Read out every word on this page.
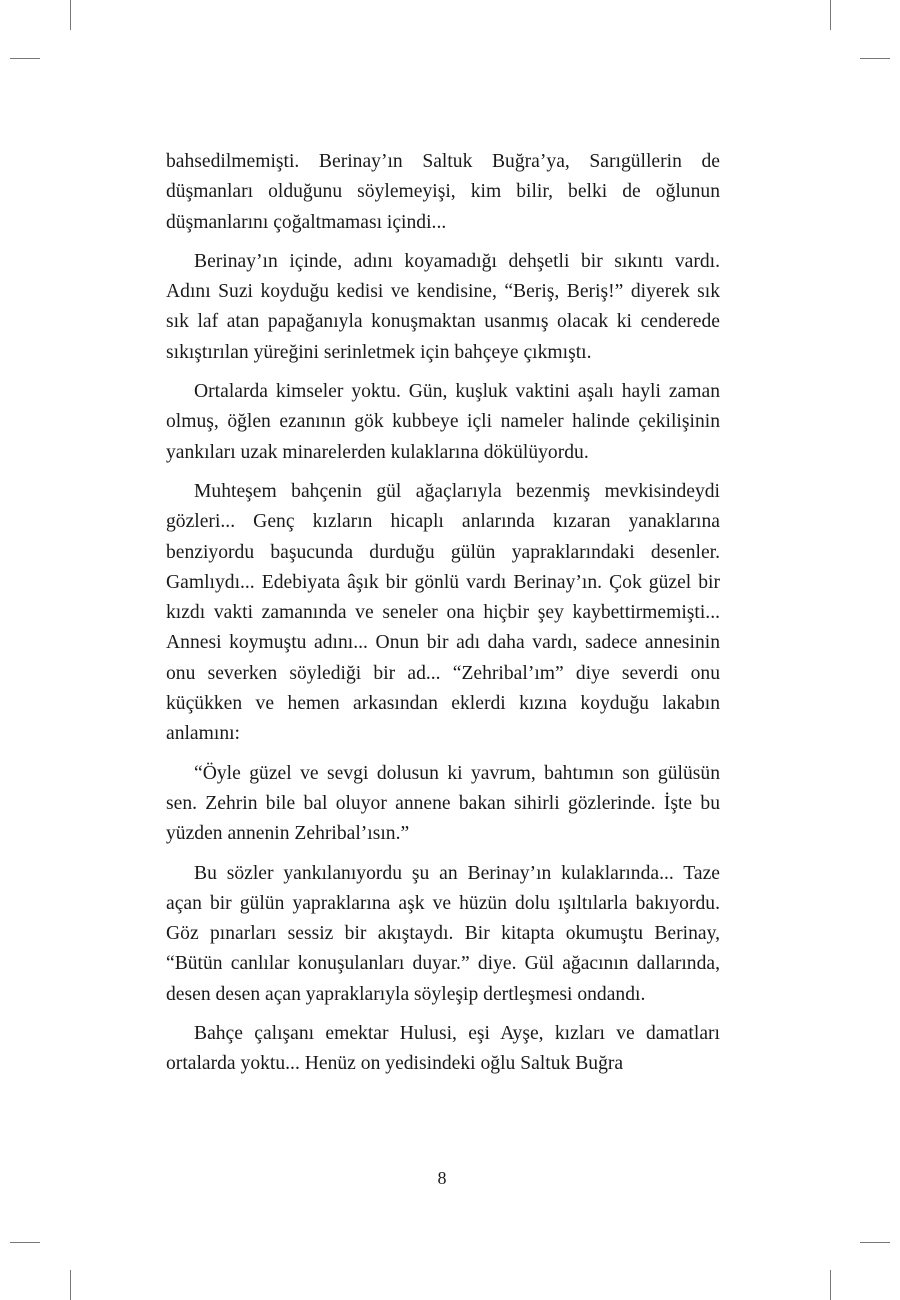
bahsedilmemişti. Berinay’ın Saltuk Buğra’ya, Sarıgüllerin de düşmanları olduğunu söylemeyişi, kim bilir, belki de oğlunun düşmanlarını çoğaltmaması içindi...

Berinay’ın içinde, adını koyamadığı dehşetli bir sıkıntı vardı. Adını Suzi koyduğu kedisi ve kendisine, “Beriş, Beriş!” diyerek sık sık laf atan papağanıyla konuşmaktan usanmış olacak ki cenderede sıkıştırılan yüreğini serinletmek için bahçeye çıkmıştı.

Ortalarda kimseler yoktu. Gün, kuşluk vaktini aşalı hayli zaman olmuş, öğlen ezanının gök kubbeye içli nameler halinde çekilişinin yankıları uzak minarelerden kulaklarına dökülüyordu.

Muhteşem bahçenin gül ağaçlarıyla bezenmiş mevkisindeydi gözleri... Genç kızların hicaplı anlarında kızaran yanaklarına benziyordu başucunda durduğu gülün yapraklarındaki desenler. Gamlıydı... Edebiyata âşık bir gönlü vardı Berinay’ın. Çok güzel bir kızdı vakti zamanında ve seneler ona hiçbir şey kaybettirmemişti... Annesi koymuştu adını... Onun bir adı daha vardı, sadece annesinin onu severken söylediği bir ad... “Zehribal’ım” diye severdi onu küçükken ve hemen arkasından eklerdi kızına koyduğu lakabın anlamını:

“Öyle güzel ve sevgi dolusun ki yavrum, bahtımın son gülüsün sen. Zehrin bile bal oluyor annene bakan sihirli gözlerinde. İşte bu yüzden annenin Zehribal’ısın.”

Bu sözler yankılanıyordu şu an Berinay’ın kulaklarında... Taze açan bir gülün yapraklarına aşk ve hüzün dolu ışıltılarla bakıyordu. Göz pınarları sessiz bir akıştaydı. Bir kitapta okumuştu Berinay, “Bütün canlılar konuşulanları duyar.” diye. Gül ağacının dallarında, desen desen açan yapraklarıyla söyleşip dertleşmesi ondandı.

Bahçe çalışanı emektar Hulusi, eşi Ayşe, kızları ve damatları ortalarda yoktu... Henüz on yedisindeki oğlu Saltuk Buğra

8
